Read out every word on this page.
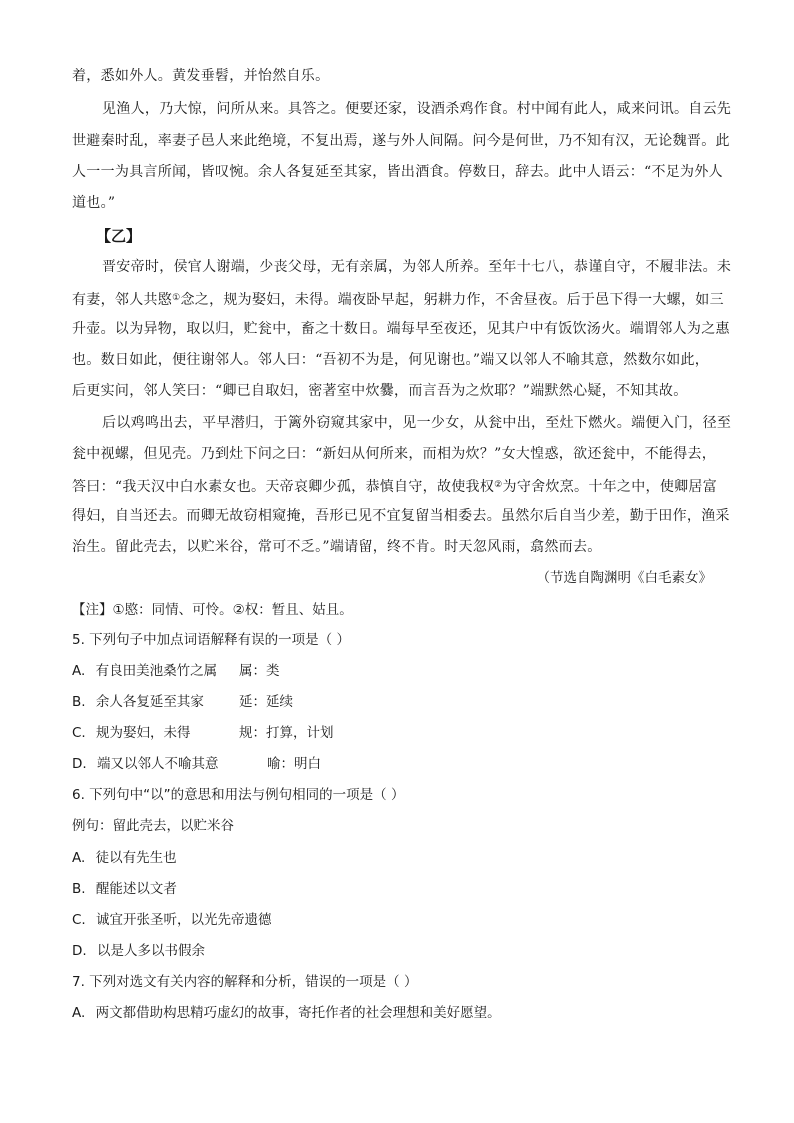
着，悉如外人。黄发垂髫，并怡然自乐。
见渔人，乃大惊，问所从来。具答之。便要还家，设酒杀鸡作食。村中闻有此人，咸来问讯。自云先
世避秦时乱，率妻子邑人来此绝境，不复出焉，遂与外人间隔。问今是何世，乃不知有汉，无论魏晋。此
人一一为具言所闻，皆叹惋。余人各复延至其家，皆出酒食。停数日，辞去。此中人语云：“不足为外人
道也。”
【乙】
晋安帝时，侯官人谢端，少丧父母，无有亲属，为邻人所养。至年十七八，恭谨自守，不履非法。未
有妻，邻人共愍①念之，规为娶妇，未得。端夜卧早起，躬耕力作，不舍昼夜。后于邑下得一大螺，如三
升壶。以为异物，取以归，贮瓮中，畜之十数日。端每早至夜还，见其户中有饭饮汤火。端谓邻人为之惠
也。数日如此，便往谢邻人。邻人曰：“吾初不为是，何见谢也。”端又以邻人不喻其意，然数尔如此，
后更实问，邻人笑曰：“卿已自取妇，密著室中炊爨，而言吾为之炊耶？”端默然心疑，不知其故。
后以鸡鸣出去，平早潜归，于篱外窃窥其家中，见一少女，从瓮中出，至灶下燃火。端便入门，径至
瓮中视螺，但见壳。乃到灶下问之曰：“新妇从何所来，而相为炊？”女大惶惑，欲还瓮中，不能得去，
答曰：“我天汉中白水素女也。天帝哀卿少孤，恭慎自守，故使我权②为守舍炊烹。十年之中，使卿居富
得妇，自当还去。而卿无故窃相窥掩，吾形已见不宜复留当相委去。虽然尔后自当少差，勤于田作，渔采
治生。留此壳去，以贮米谷，常可不乏。”端请留，终不肯。时天忽风雨，翕然而去。
（节选自陶渊明《白毛素女》
【注】①愍：同情、可怜。②权：暂且、姑且。
5. 下列句子中加点词语解释有误的一项是（ ）
A. 有良田美池桑竹之属 属：类
B. 余人各复延至其家	延：延续
C. 规为娶妇，未得	规：打算，计划
D. 端又以邻人不喻其意	喻：明白
6. 下列句中“以”的意思和用法与例句相同的一项是（ ）
例句：留此壳去，以贮米谷
A. 徒以有先生也
B. 醒能述以文者
C. 诚宜开张圣听，以光先帝遗德
D. 以是人多以书假余
7. 下列对选文有关内容的解释和分析，错误的一项是（ ）
A. 两文都借助构思精巧虚幻的故事，寄托作者的社会理想和美好愿望。
